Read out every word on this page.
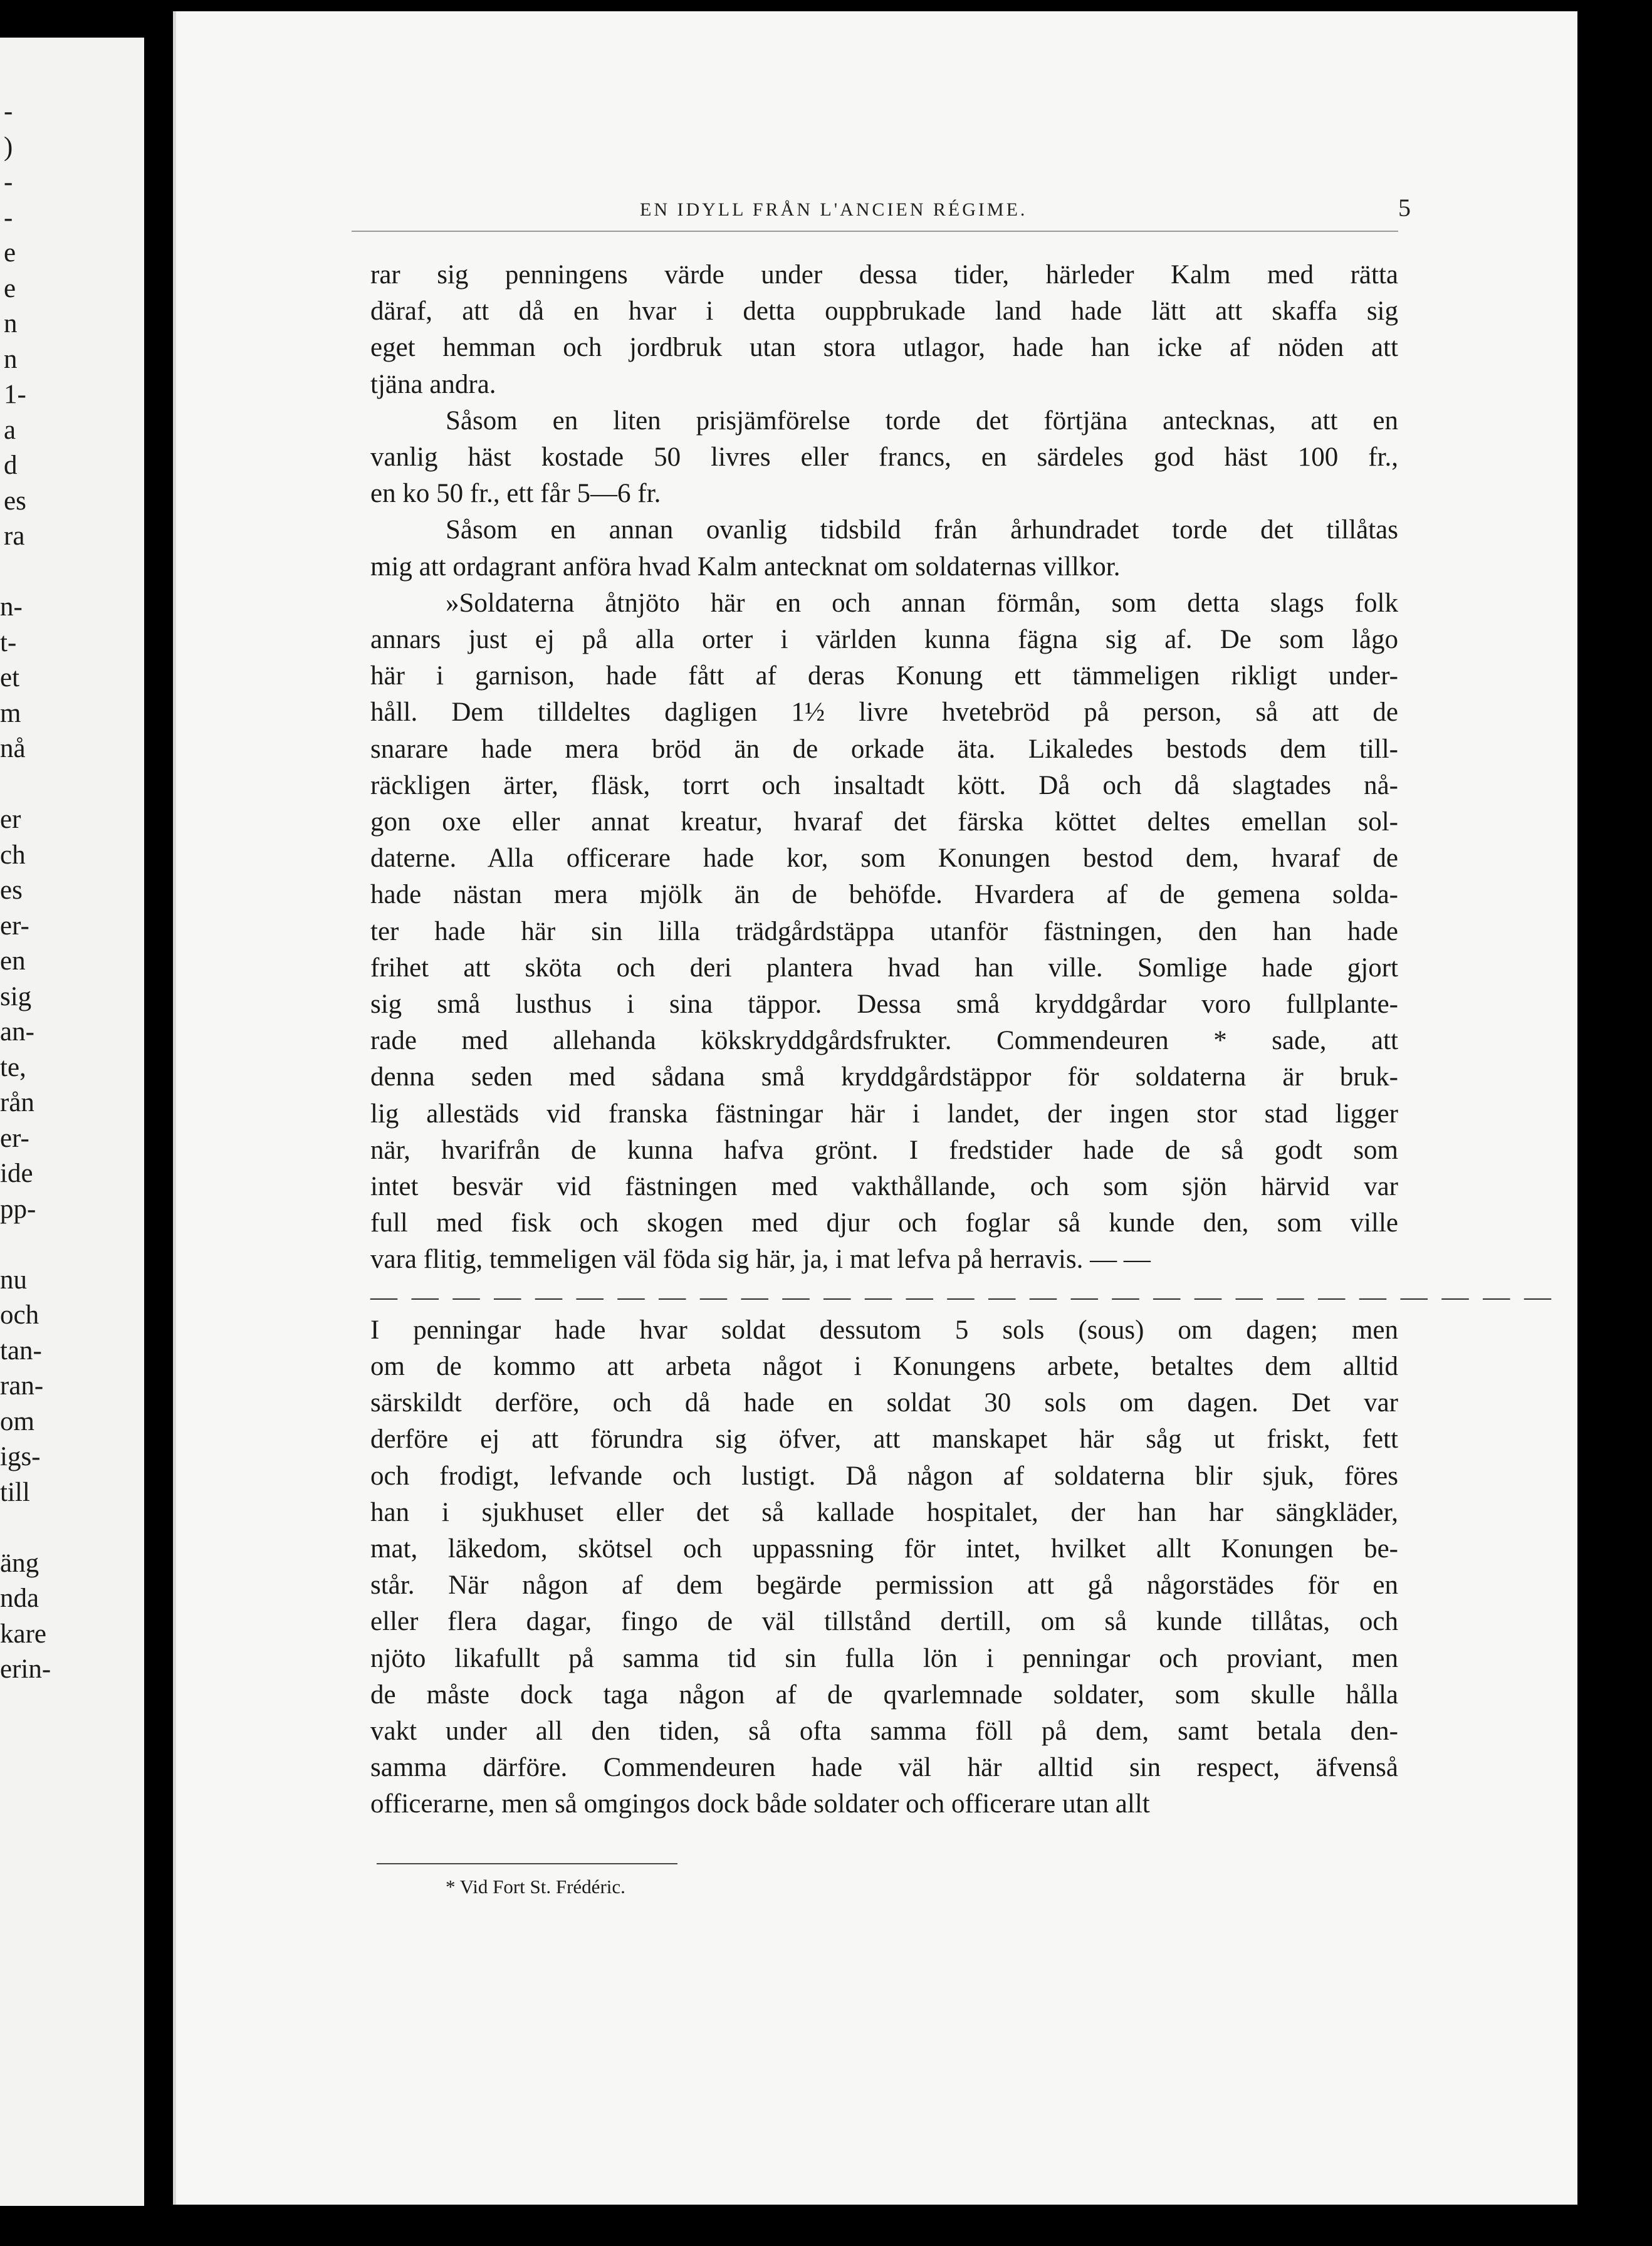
-
)
-
-
e
e
n
n
1-
a
d
es
ra
n-
t-
et
m
nå
er
ch
es
er-
en
sig
an-
te,
rån
er-
ide
pp-
nu
och
tan-
ran-
om
igs-
till
äng
nda
kare
erin-
EN IDYLL FRÅN L'ANCIEN RÉGIME.	5
rar sig penningens värde under dessa tider, härleder Kalm med rätta
däraf, att då en hvar i detta ouppbrukade land hade lätt att skaffa sig
eget hemman och jordbruk utan stora utlagor, hade han icke af nöden att
tjäna andra.
Såsom en liten prisjämförelse torde det förtjäna antecknas, att en
vanlig häst kostade 50 livres eller francs, en särdeles god häst 100 fr.,
en ko 50 fr., ett får 5—6 fr.
Såsom en annan ovanlig tidsbild från århundradet torde det tillåtas
mig att ordagrant anföra hvad Kalm antecknat om soldaternas villkor.
»Soldaterna åtnjöto här en och annan förmån, som detta slags folk
annars just ej på alla orter i världen kunna fägna sig af. De som lågo
här i garnison, hade fått af deras Konung ett tämmeligen rikligt under-
håll. Dem tilldeltes dagligen 1½ livre hvetebröd på person, så att de
snarare hade mera bröd än de orkade äta. Likaledes bestods dem till-
räckligen ärter, fläsk, torrt och insaltadt kött. Då och då slagtades nå-
gon oxe eller annat kreatur, hvaraf det färska köttet deltes emellan sol-
daterne. Alla officerare hade kor, som Konungen bestod dem, hvaraf de
hade nästan mera mjölk än de behöfde. Hvardera af de gemena solda-
ter hade här sin lilla trädgårdstäppa utanför fästningen, den han hade
frihet att sköta och deri plantera hvad han ville. Somlige hade gjort
sig små lusthus i sina täppor. Dessa små kryddgårdar voro fullplante-
rade med allehanda kökskryddgårdsfrukter. Commendeuren * sade, att
denna seden med sådana små kryddgårdstäppor för soldaterna är bruk-
lig allestäds vid franska fästningar här i landet, der ingen stor stad ligger
när, hvarifrån de kunna hafva grönt. I fredstider hade de så godt som
intet besvär vid fästningen med vakthållande, och som sjön härvid var
full med fisk och skogen med djur och foglar så kunde den, som ville
vara flitig, temmeligen väl föda sig här, ja, i mat lefva på herravis. — —
— — — — — — — — — — — — — — — — — — — — — — — — — — — — —
I penningar hade hvar soldat dessutom 5 sols (sous) om dagen; men
om de kommo att arbeta något i Konungens arbete, betaltes dem alltid
särskildt derföre, och då hade en soldat 30 sols om dagen. Det var
derföre ej att förundra sig öfver, att manskapet här såg ut friskt, fett
och frodigt, lefvande och lustigt. Då någon af soldaterna blir sjuk, föres
han i sjukhuset eller det så kallade hospitalet, der han har sängkläder,
mat, läkedom, skötsel och uppassning för intet, hvilket allt Konungen be-
står. När någon af dem begärde permission att gå någorstädes för en
eller flera dagar, fingo de väl tillstånd dertill, om så kunde tillåtas, och
njöto likafullt på samma tid sin fulla lön i penningar och proviant, men
de måste dock taga någon af de qvarlemnade soldater, som skulle hålla
vakt under all den tiden, så ofta samma föll på dem, samt betala den-
samma därföre. Commendeuren hade väl här alltid sin respect, äfvenså
officerarne, men så omgingos dock både soldater och officerare utan allt
* Vid Fort St. Frédéric.
